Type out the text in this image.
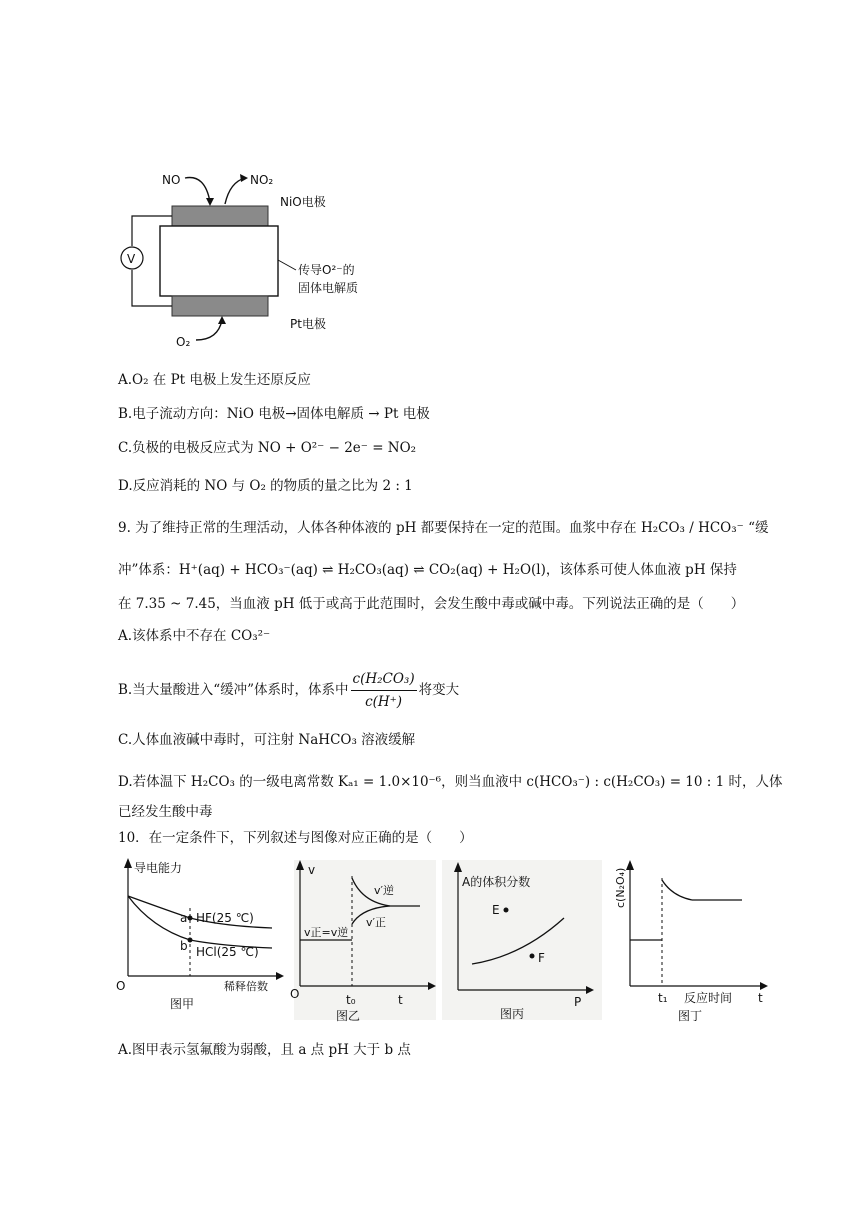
NO	NO₂
NiO电极
传导O²⁻的
固体电解质
Pt电极
V
O₂
A.O₂ 在 Pt 电极上发生还原反应
B.电子流动方向：NiO 电极→固体电解质 → Pt 电极
C.负极的电极反应式为 NO + O²⁻ − 2e⁻ = NO₂
D.反应消耗的 NO 与 O₂ 的物质的量之比为 2 : 1
9. 为了维持正常的生理活动，人体各种体液的 pH 都要保持在一定的范围。血浆中存在 H₂CO₃ / HCO₃⁻ “缓
冲”体系：H⁺(aq) + HCO₃⁻(aq) ⇌ H₂CO₃(aq) ⇌ CO₂(aq) + H₂O(l)，该体系可使人体血液 pH 保持
在 7.35 ~ 7.45，当血液 pH 低于或高于此范围时，会发生酸中毒或碱中毒。下列说法正确的是（　　）
A.该体系中不存在 CO₃²⁻
B.当大量酸进入“缓冲”体系时，体系中 $\frac{\text{c(H₂CO₃)}}{c(H^+)}$ 将变大
C.人体血液碱中毒时，可注射 NaHCO₃ 溶液缓解
D.若体温下 H₂CO₃ 的一级电离常数 Kₐ₁ = 1.0×10⁻⁶，则当血液中 c(HCO₃⁻) : c(H₂CO₃) = 10 : 1 时，人体
已经发生酸中毒
10．在一定条件下，下列叙述与图像对应正确的是（　　）
导电能力
O	稀释倍数
a
b
HF(25 ℃)
HCl(25 ℃)
图甲
v
O	t
v正=v逆
v′逆
v′正
t₀
图乙
A的体积分数
P
E
F
图丙
c(N₂O₄)
t₁	t
反应时间
图丁
A.图甲表示氢氟酸为弱酸，且 a 点 pH 大于 b 点
